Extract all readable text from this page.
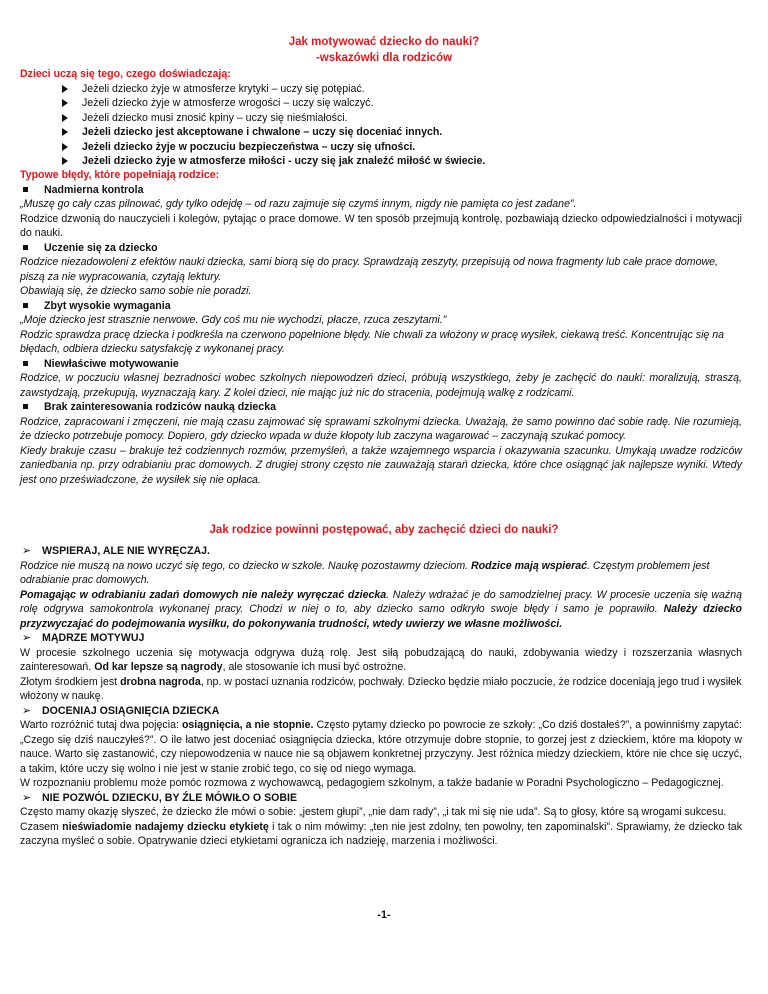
Jak motywować dziecko do nauki?
-wskazówki dla rodziców
Dzieci uczą się tego, czego doświadczają:
Jeżeli dziecko żyje w atmosferze krytyki – uczy się potępiać.
Jeżeli dziecko żyje w atmosferze wrogości – uczy się walczyć.
Jeżeli dziecko musi znosić kpiny – uczy się nieśmiałości.
Jeżeli dziecko jest akceptowane i chwalone – uczy się doceniać innych.
Jeżeli dziecko żyje w poczuciu bezpieczeństwa – uczy się ufności.
Jeżeli dziecko żyje w atmosferze miłości - uczy się jak znaleźć miłość w świecie.
Typowe błędy, które popełniają rodzice:
Nadmierna kontrola

„Muszę go cały czas pilnować, gdy tylko odejdę – od razu zajmuje się czymś innym, nigdy nie pamięta co jest zadane”.

Rodzice dzwonią do nauczycieli i kolegów, pytając o prace domowe. W ten sposób przejmują kontrolę, pozbawiają dziecko odpowiedzialności i motywacji do nauki.

Uczenie się za dziecko

Rodzice niezadowoleni z efektów nauki dziecka, sami biorą się do pracy. Sprawdzają zeszyty, przepisują od nowa fragmenty lub całe prace domowe, piszą za nie wypracowania, czytają lektury.

Obawiają się, że dziecko samo sobie nie poradzi.

Zbyt wysokie wymagania

„Moje dziecko jest strasznie nerwowe. Gdy coś mu nie wychodzi, płacze, rzuca zeszytami.”

Rodzic sprawdza pracę dziecka i podkreśla na czerwono popełnione błędy. Nie chwali za włożony w pracę wysiłek, ciekawą treść. Koncentrując się na błędach, odbiera dziecku satysfakcję z wykonanej pracy.

Niewłaściwe motywowanie

Rodzice, w poczuciu własnej bezradności wobec szkolnych niepowodzeń dzieci, próbują wszystkiego, żeby je zachęcić do nauki: moralizują, straszą, zawstydzają, przekupują, wyznaczają kary. Z kolei dzieci, nie mając już nic do stracenia, podejmują walkę z rodzicami.

Brak zainteresowania rodziców nauką dziecka

Rodzice, zapracowani i zmęczeni, nie mają czasu zajmować się sprawami szkolnymi dziecka. Uważają, że samo powinno dać sobie radę. Nie rozumieją, że dziecko potrzebuje pomocy. Dopiero, gdy dziecko wpada w duże kłopoty lub zaczyna wagarować – zaczynają szukać pomocy.

Kiedy brakuje czasu – brakuje też codziennych rozmów, przemyśleń, a także wzajemnego wsparcia i okazywania szacunku. Umykają uwadze rodziców zaniedbania np. przy odrabianiu prac domowych. Z drugiej strony często nie zauważają starań dziecka, które chce osiągnąć jak najlepsze wyniki. Wtedy jest ono przeświadczone, że wysiłek się nie opłaca.

Jak rodzice powinni postępować, aby zachęcić dzieci do nauki?
➢ WSPIERAJ, ALE NIE WYRĘCZAJ.

Rodzice nie muszą na nowo uczyć się tego, co dziecko w szkole. Naukę pozostawmy dzieciom. Rodzice mają wspierać. Częstym problemem jest odrabianie prac domowych.

Pomagając w odrabianiu zadań domowych nie należy wyręczać dziecka. Należy wdrażać je do samodzielnej pracy. W procesie uczenia się ważną rolę odgrywa samokontrola wykonanej pracy. Chodzi w niej o to, aby dziecko samo odkryło swoje błędy i samo je poprawiło. Należy dziecko przyzwyczajać do podejmowania wysiłku, do pokonywania trudności, wtedy uwierzy we własne możliwości.

➢ MĄDRZE MOTYWUJ

W procesie szkolnego uczenia się motywacja odgrywa dużą rolę. Jest siłą pobudzającą do nauki, zdobywania wiedzy i rozszerzania własnych zainteresowań. Od kar lepsze są nagrody, ale stosowanie ich musi być ostrożne.

Złotym środkiem jest drobna nagroda, np. w postaci uznania rodziców, pochwały. Dziecko będzie miało poczucie, że rodzice doceniają jego trud i wysiłek włożony w naukę.

➢ DOCENIAJ OSIĄGNIĘCIA DZIECKA

Warto rozróżnić tutaj dwa pojęcia: osiągnięcia, a nie stopnie. Często pytamy dziecko po powrocie ze szkoły: „Co dziś dostałeś?”, a powinniśmy zapytać: „Czego się dziś nauczyłeś?”. O ile łatwo jest doceniać osiągnięcia dziecka, które otrzymuje dobre stopnie, to gorzej jest z dzieckiem, które ma kłopoty w nauce. Warto się zastanowić, czy niepowodzenia w nauce nie są objawem konkretnej przyczyny. Jest różnica miedzy dzieckiem, które nie chce się uczyć, a takim, które uczy się wolno i nie jest w stanie zrobić tego, co się od niego wymaga.

W rozpoznaniu problemu może pomóc rozmowa z wychowawcą, pedagogiem szkolnym, a także badanie w Poradni Psychologiczno – Pedagogicznej.

➢ NIE POZWÓL DZIECKU, BY ŹLE MÓWIŁO O SOBIE

Często mamy okazję słyszeć, że dziecko źle mówi o sobie: „jestem głupi”, „nie dam rady”, „i tak mi się nie uda”. Są to głosy, które są wrogami sukcesu.

Czasem nieświadomie nadajemy dziecku etykietę i tak o nim mówimy: „ten nie jest zdolny, ten powolny, ten zapominalski”. Sprawiamy, że dziecko tak zaczyna myśleć o sobie. Opatrywanie dzieci etykietami ogranicza ich nadzieję, marzenia i możliwości.

-1-
